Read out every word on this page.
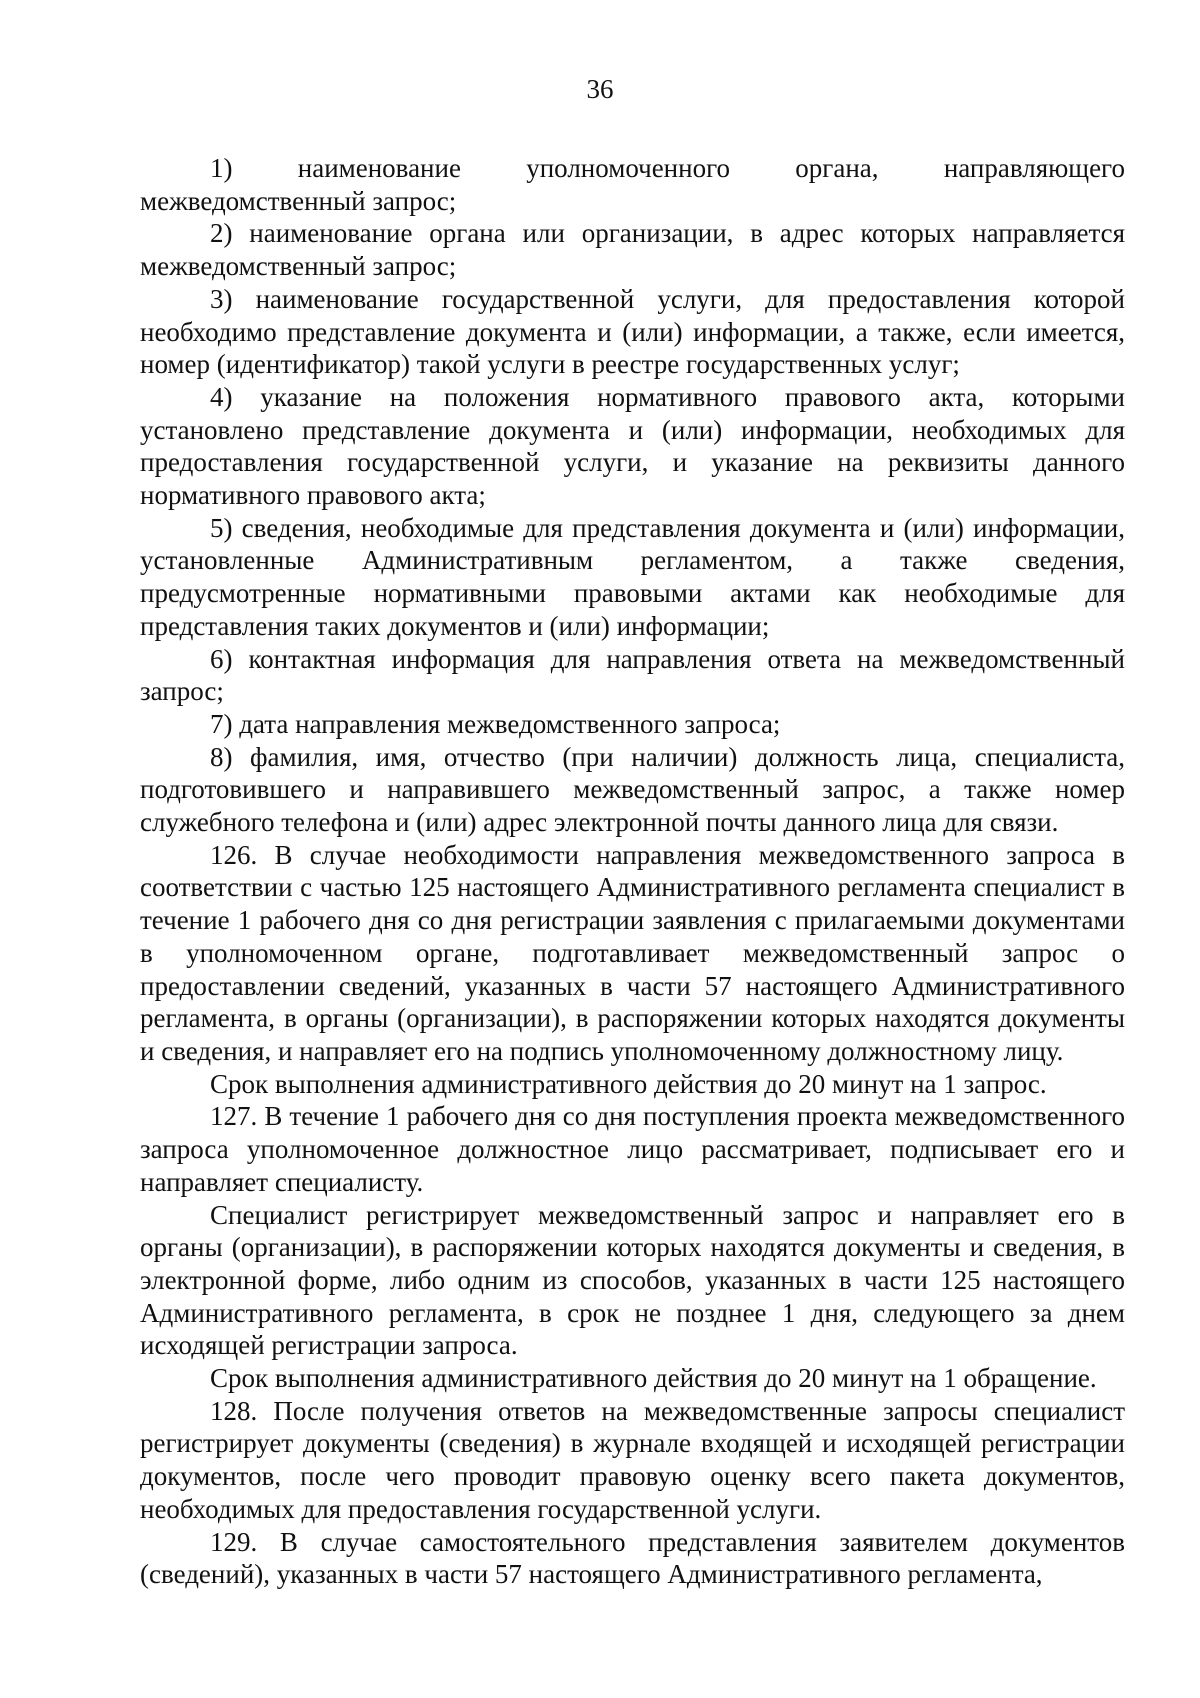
36
1) наименование уполномоченного органа, направляющего
межведомственный запрос;

2) наименование органа или организации, в адрес которых направляется межведомственный запрос;

3) наименование государственной услуги, для предоставления которой необходимо представление документа и (или) информации, а также, если имеется, номер (идентификатор) такой услуги в реестре государственных услуг;

4) указание на положения нормативного правового акта, которыми установлено представление документа и (или) информации, необходимых для предоставления государственной услуги, и указание на реквизиты данного нормативного правового акта;

5) сведения, необходимые для представления документа и (или) информации, установленные Административным регламентом, а также сведения, предусмотренные нормативными правовыми актами как необходимые для представления таких документов и (или) информации;

6) контактная информация для направления ответа на межведомственный запрос;

7) дата направления межведомственного запроса;

8) фамилия, имя, отчество (при наличии) должность лица, специалиста, подготовившего и направившего межведомственный запрос, а также номер служебного телефона и (или) адрес электронной почты данного лица для связи.

126. В случае необходимости направления межведомственного запроса в соответствии с частью 125 настоящего Административного регламента специалист в течение 1 рабочего дня со дня регистрации заявления с прилагаемыми документами в уполномоченном органе, подготавливает межведомственный запрос о предоставлении сведений, указанных в части 57 настоящего Административного регламента, в органы (организации), в распоряжении которых находятся документы и сведения, и направляет его на подпись уполномоченному должностному лицу.

Срок выполнения административного действия до 20 минут на 1 запрос.

127. В течение 1 рабочего дня со дня поступления проекта межведомственного запроса уполномоченное должностное лицо рассматривает, подписывает его и направляет специалисту.

Специалист регистрирует межведомственный запрос и направляет его в органы (организации), в распоряжении которых находятся документы и сведения, в электронной форме, либо одним из способов, указанных в части 125 настоящего Административного регламента, в срок не позднее 1 дня, следующего за днем исходящей регистрации запроса.

Срок выполнения административного действия до 20 минут на 1 обращение.

128. После получения ответов на межведомственные запросы специалист регистрирует документы (сведения) в журнале входящей и исходящей регистрации документов, после чего проводит правовую оценку всего пакета документов, необходимых для предоставления государственной услуги.

129. В случае самостоятельного представления заявителем документов (сведений), указанных в части 57 настоящего Административного регламента,
